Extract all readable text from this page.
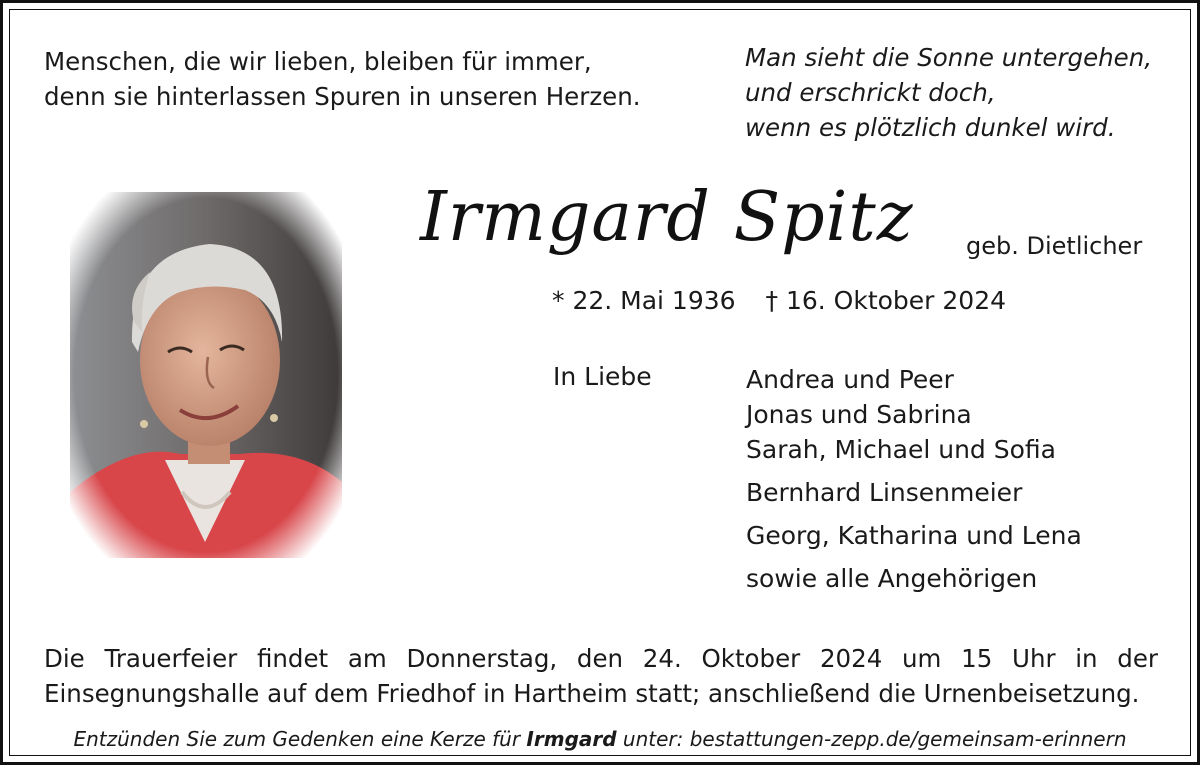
Menschen, die wir lieben, bleiben für immer,
denn sie hinterlassen Spuren in unseren Herzen.
Man sieht die Sonne untergehen,
und erschrickt doch,
wenn es plötzlich dunkel wird.
Irmgard Spitz geb. Dietlicher
* 22. Mai 1936 † 16. Oktober 2024
In Liebe	Andrea und Peer
Jonas und Sabrina
Sarah, Michael und Sofia
Bernhard Linsenmeier
Georg, Katharina und Lena
sowie alle Angehörigen
Die Trauerfeier findet am Donnerstag, den 24. Oktober 2024 um 15 Uhr in der
Einsegnungshalle auf dem Friedhof in Hartheim statt; anschließend die Urnenbeisetzung.
Entzünden Sie zum Gedenken eine Kerze für Irmgard unter: bestattungen-zepp.de/gemeinsam-erinnern
